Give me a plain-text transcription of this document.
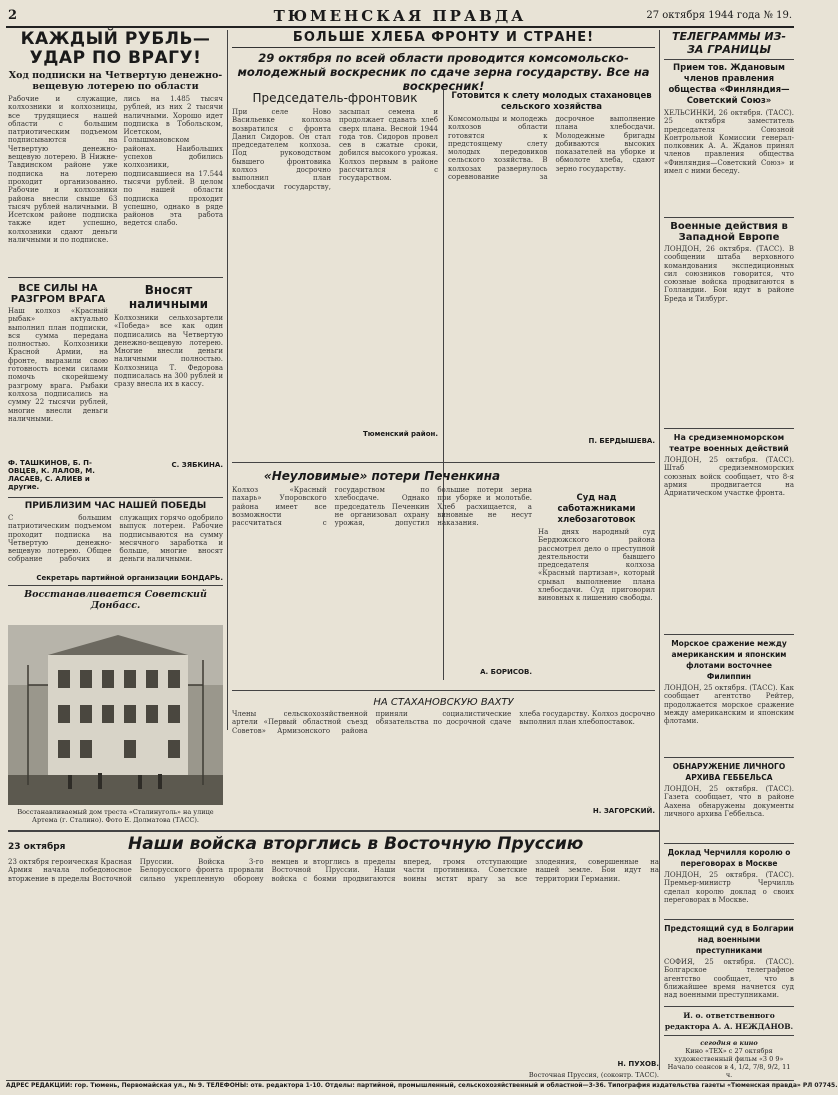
2	ТЮМЕНСКАЯ ПРАВДА	27 октября 1944 года № 19.
КАЖДЫЙ РУБЛЬ—УДАР ПО ВРАГУ!
Ход подписки на Четвертую денежно-вещевую лотерею по области

Рабочие и служащие, колхозники и колхозницы, все трудящиеся нашей области с большим патриотическим подъемом подписываются на Четвертую денежно-вещевую лотерею. В Нижне-Тавдинском районе уже подписка на лотерею проходит организованно. Рабочие и колхозники района внесли свыше 63 тысяч рублей наличными. В Исетском районе подписка также идет успешно, колхозники сдают деньги наличными и по подписке.

лись на 1.485 тысяч рублей, из них 2 тысячи наличными. Хорошо идет подписка в Тобольском, Исетском, Голышмановском районах. Наибольших успехов добились колхозники, подписавшиеся на 17.544 тысячи рублей. В целом по нашей области подписка проходит успешно, однако в ряде районов эта работа ведется слабо.

ВСЕ СИЛЫ НА РАЗГРОМ ВРАГА

Наш колхоз «Красный рыбак» актуально выполнил план подписки, вся сумма передана полностью. Колхозники Красной Армии, на фронте, выразили свою готовность всеми силами помочь скорейшему разгрому врага. Рыбаки колхоза подписались на сумму 22 тысячи рублей, многие внесли деньги наличными.

Ф. ТАШКИНОВ, Б. П-ОВЦЕВ, К. ЛАЛОВ, М. ЛАСАЕВ, С. АЛИЕВ и другие.
Вносят наличными

Колхозники сельхозартели «Победа» все как один подписались на Четвертую денежно-вещевую лотерею. Многие внесли деньги наличными полностью. Колхозница Т. Федорова подписалась на 300 рублей и сразу внесла их в кассу.

С. ЗЯБКИНА.
ПРИБЛИЗИМ ЧАС НАШЕЙ ПОБЕДЫ

С большим патриотическим подъемом проходит подписка на Четвертую денежно-вещевую лотерею. Общее собрание рабочих и служащих горячо одобрило выпуск лотереи. Рабочие подписываются на сумму месячного заработка и больше, многие вносят деньги наличными.

Секретарь партийной организации БОНДАРЬ.
Восстанавливается Советский Донбасс.
Восстанавливаемый дом треста «Сталинуголь» на улице Артема (г. Сталино). Фото Е. Долматова (ТАСС).
БОЛЬШЕ ХЛЕБА ФРОНТУ И СТРАНЕ!
29 октября по всей области проводится комсомольско-молодежный воскресник по сдаче зерна государству. Все на воскресник!
Председатель-фронтовик

При селе Ново Васильевке колхоза возвратился с фронта Данил Сидоров. Он стал председателем колхоза. Под руководством бывшего фронтовика колхоз досрочно выполнил план хлебосдачи государству, засыпал семена и продолжает сдавать хлеб сверх плана. Весной 1944 года тов. Сидоров провел сев в сжатые сроки, добился высокого урожая. Колхоз первым в районе рассчитался с государством.

Тюменский район.
Готовится к слету молодых стахановцев сельского хозяйства

Комсомольцы и молодежь колхозов области готовятся к предстоящему слету молодых передовиков сельского хозяйства. В колхозах развернулось соревнование за досрочное выполнение плана хлебосдачи. Молодежные бригады добиваются высоких показателей на уборке и обмолоте хлеба, сдают зерно государству.

П. БЕРДЫШЕВА.
«Неуловимые» потери Печенкина

Колхоз «Красный пахарь» Упоровского района имеет все возможности рассчитаться с государством по хлебосдаче. Однако председатель Печенкин не организовал охрану урожая, допустил большие потери зерна при уборке и молотьбе. Хлеб расхищается, а виновные не несут наказания.

А. БОРИСОВ.
Суд над саботажниками хлебозаготовок

На днях народный суд Бердюжского района рассмотрел дело о преступной деятельности бывшего председателя колхоза «Красный партизан», который срывал выполнение плана хлебосдачи. Суд приговорил виновных к лишению свободы.

НА СТАХАНОВСКУЮ ВАХТУ

Члены сельскохозяйственной артели «Первый областной съезд Советов» Армизонского района приняли социалистические обязательства по досрочной сдаче хлеба государству. Колхоз досрочно выполнил план хлебопоставок.

Н. ЗАГОРСКИЙ.
23 октября	Наши войска вторглись в Восточную Пруссию

23 октября героическая Красная Армия начала победоносное вторжение в пределы Восточной Пруссии. Войска 3-го Белорусского фронта прорвали сильно укрепленную оборону немцев и вторглись в пределы Восточной Пруссии. Наши войска с боями продвигаются вперед, громя отступающие части противника. Советские воины мстят врагу за все злодеяния, совершенные на нашей земле. Бои идут на территории Германии.

Н. ПУХОВ.
Восточная Пруссия, (соконтр. ТАСС).
ТЕЛЕГРАММЫ ИЗ-ЗА ГРАНИЦЫ
Прием тов. Ждановым членов правления общества «Финляндия—Советский Союз»

ХЕЛЬСИНКИ, 26 октября. (ТАСС). 25 октября заместитель председателя Союзной Контрольной Комиссии генерал-полковник А. А. Жданов принял членов правления общества «Финляндия—Советский Союз» и имел с ними беседу.

Военные действия в Западной Европе

ЛОНДОН, 26 октября. (ТАСС). В сообщении штаба верховного командования экспедиционных сил союзников говорится, что союзные войска продвигаются в Голландии. Бои идут в районе Бреда и Тилбург.

На средиземноморском театре военных действий

ЛОНДОН, 25 октября. (ТАСС). Штаб средиземноморских союзных войск сообщает, что 8-я армия продвигается на Адриатическом участке фронта.

Морское сражение между американским и японским флотами восточнее Филиппин

ЛОНДОН, 25 октября. (ТАСС). Как сообщает агентство Рейтер, продолжается морское сражение между американским и японским флотами.

ОБНАРУЖЕНИЕ ЛИЧНОГО АРХИВА ГЕББЕЛЬСА

ЛОНДОН, 25 октября. (ТАСС). Газета сообщает, что в районе Аахена обнаружены документы личного архива Геббельса.

Доклад Черчилля королю о переговорах в Москве

ЛОНДОН, 25 октября. (ТАСС). Премьер-министр Черчилль сделал королю доклад о своих переговорах в Москве.

Предстоящий суд в Болгарии над военными преступниками

СОФИЯ, 25 октября. (ТАСС). Болгарское телеграфное агентство сообщает, что в ближайшее время начнется суд над военными преступниками.

И. о. ответственного редактора А. А. НЕЖДАНОВ.
сегодня в кино
Кино «ТЕХ» с 27 октября художественный фильм «3 0 9»
Начало сеансов в 4, 1/2, 7/8, 9/2, 11 ч.
АДРЕС РЕДАКЦИИ: гор. Тюмень, Первомайская ул., № 9. ТЕЛЕФОНЫ: отв. редактора 1-10. Отделы: партийной, промышленный, сельскохозяйственный и областной—3-36. Типография издательства газеты «Тюменская правда» РЛ 07745.
